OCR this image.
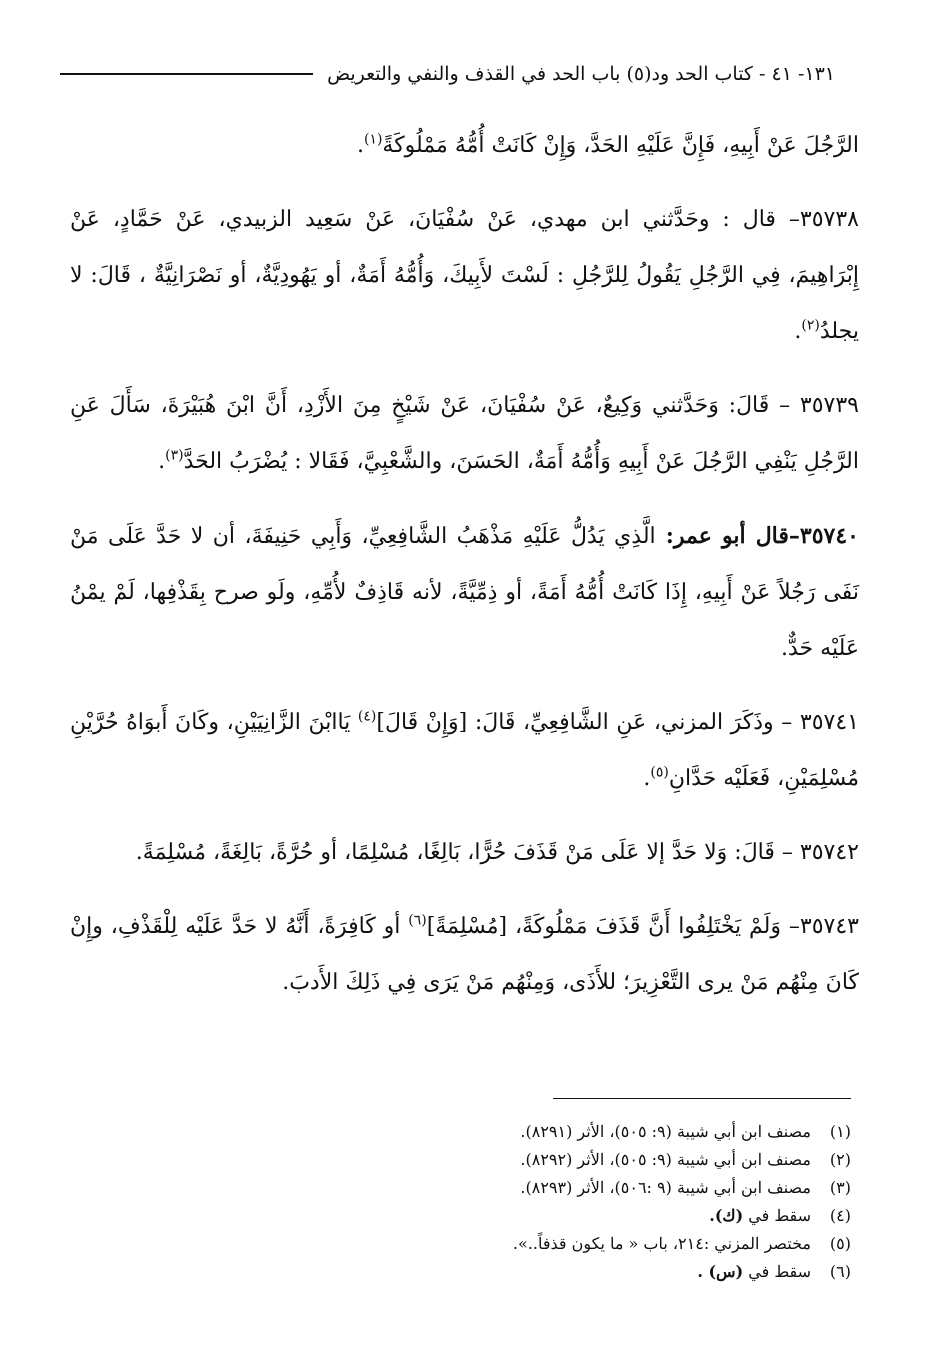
١٣١
- ٤١ - كتاب الحد ود(٥) باب الحد في القذف والنفي والتعريض

الرَّجُلَ عَنْ أَبِيهِ، فَإِنَّ عَلَيْهِ الحَدَّ، وَإِنْ كَانَتْ أُمُّهُ مَمْلُوكَةً$^{(١)}$.

٣٥٧٣٨– قال : وحَدَّثني ابن مهدي، عَنْ سُفْيَانَ، عَنْ سَعِيد الزبيدي، عَنْ حَمَّادٍ، عَنْ إِبْرَاهِيمَ، فِي الرَّجُلِ يَقُولُ لِلرَّجُلِ : لَسْتَ لأَبِيكَ، وَأُمُّهُ أَمَةٌ، أو يَهُودِيَّةٌ، أو نَصْرَانِيَّةٌ ، قَالَ: لا يجلدُ$^{(٢)}$.

٣٥٧٣٩ – قَالَ: وَحَدَّثني وَكِيعٌ، عَنْ سُفْيَانَ، عَنْ شَيْخٍ مِنَ الأَزْدِ، أَنَّ ابْنَ هُبَيْرَةَ، سَأَلَ عَنِ الرَّجُلِ يَنْفِي الرَّجُلَ عَنْ أَبِيهِ وَأُمُّهُ أَمَةٌ، الحَسَنَ، والشَّعْبِيَّ، فَقَالا : يُضْرَبُ الحَدَّ$^{(٣)}$.

٣٥٧٤٠–قال أبو عمر: الَّذِي يَدُلُّ عَلَيْهِ مَذْهَبُ الشَّافِعِيِّ، وَأَبِي حَنِيفَةَ، أن لا حَدَّ عَلَى مَنْ نَفَى رَجُلاً عَنْ أَبِيهِ، إِذَا كَانَتْ أُمُّهُ أَمَةً، أو ذِمِّيَّةً، لأنه قَاذِفٌ لأُمِّهِ، ولَو صرح بِقَذْفِها، لَمْ يمْنُ عَلَيْه حَدٌّ.

٣٥٧٤١ – وذَكَرَ المزني، عَنِ الشَّافِعِيِّ، قَالَ: [وَإِنْ قَالَ]$^{(٤)}$ يَاابْنَ الزَّانِيَيْنِ، وكَانَ أَبوَاهُ حُرَّيْنِ مُسْلِمَيْنِ، فَعَلَيْه حَدَّانِ$^{(٥)}$.

٣٥٧٤٢ – قَالَ: وَلا حَدَّ إلا عَلَى مَنْ قَذَفَ حُرًّا، بَالِغًا، مُسْلِمًا، أو حُرَّةً، بَالِغَةً، مُسْلِمَةً.

٣٥٧٤٣– وَلَمْ يَخْتَلِفُوا أَنَّ قَذَفَ مَمْلُوكَةً، [مُسْلِمَةً]$^{(٦)}$ أو كَافِرَةً، أَنَّهُ لا حَدَّ عَلَيْه لِلْقَذْفِ، وإِنْ كَانَ مِنْهُم مَنْ يرى التَّعْزِيرَ؛ للأَذَى، وَمِنْهُم مَنْ يَرَى فِي ذَلِكَ الأَدبَ.

(١)
مصنف ابن أبي شيبة (٩: ٥٠٥)، الأثر (٨٢٩١).
(٢)
مصنف ابن أبي شيبة (٩: ٥٠٥)، الأثر (٨٢٩٢).
(٣)
مصنف ابن أبي شيبة (٩ :٥٠٦)، الأثر (٨٢٩٣).
(٤)
سقط في (ك).
(٥)
مختصر المزني :٢١٤، باب « ما يكون قذفاً..».
(٦)
سقط في (س) .
